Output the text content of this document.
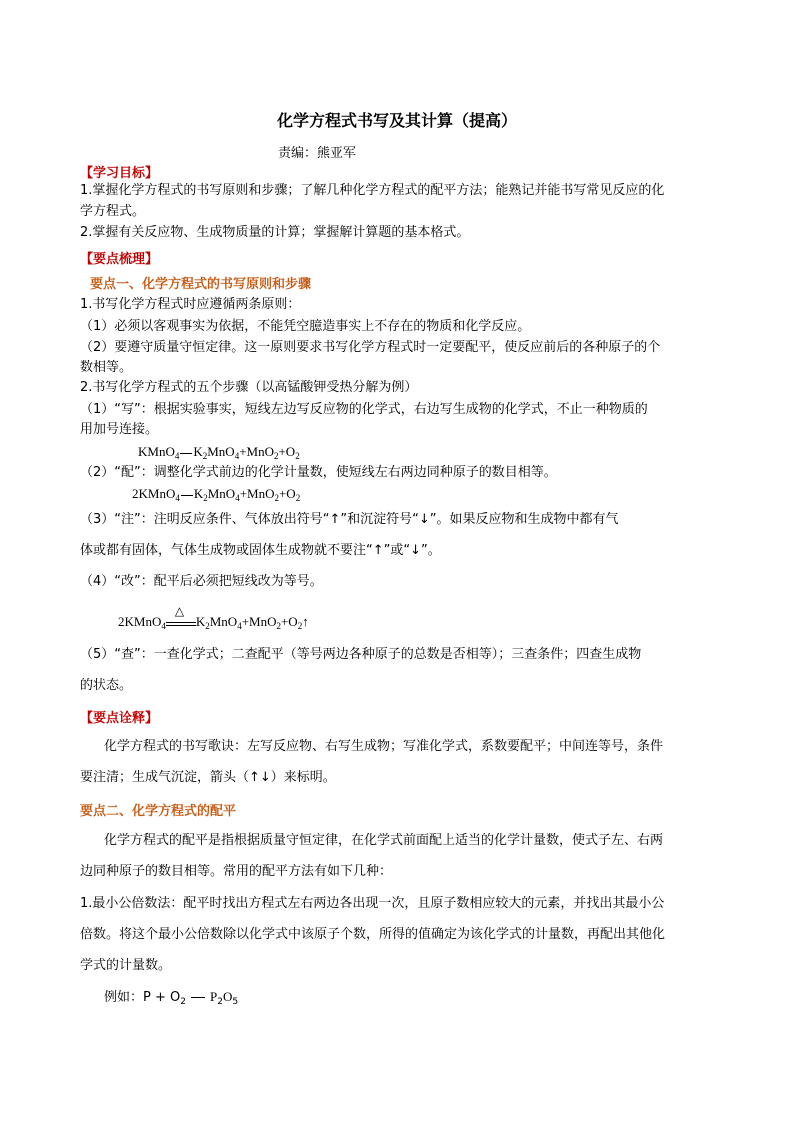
化学方程式书写及其计算（提高）
责编：熊亚军
【学习目标】
1.掌握化学方程式的书写原则和步骤；了解几种化学方程式的配平方法；能熟记并能书写常见反应的化
学方程式。
2.掌握有关反应物、生成物质量的计算；掌握解计算题的基本格式。
【要点梳理】
要点一、化学方程式的书写原则和步骤
1.书写化学方程式时应遵循两条原则：
（1）必须以客观事实为依据，不能凭空臆造事实上不存在的物质和化学反应。
（2）要遵守质量守恒定律。这一原则要求书写化学方程式时一定要配平，使反应前后的各种原子的个
数相等。
2.书写化学方程式的五个步骤（以高锰酸钾受热分解为例）
（1）“写”：根据实验事实，短线左边写反应物的化学式，右边写生成物的化学式，不止一种物质的
用加号连接。
KMnO$_4$ $K_2MnO_4+MnO_2+O_2$
（2）“配”：调整化学式前边的化学计量数，使短线左右两边同种原子的数目相等。
2KMnO$_4$ $K_2MnO_4+MnO_2+O_2$
（3）“注”：注明反应条件、气体放出符号“↑”和沉淀符号“↓”。如果反应物和生成物中都有气
体或都有固体，气体生成物或固体生成物就不要注“↑”或“↓”。
（4）“改”：配平后必须把短线改为等号。
2KMnO$_4$
△
$K_2MnO_4+MnO_2+O_2↑$
（5）“查”：一查化学式；二查配平（等号两边各种原子的总数是否相等）；三查条件；四查生成物
的状态。
【要点诠释】
化学方程式的书写歌诀：左写反应物、右写生成物；写准化学式，系数要配平；中间连等号，条件
要注清；生成气沉淀，箭头（↑↓）来标明。
要点二、化学方程式的配平
化学方程式的配平是指根据质量守恒定律，在化学式前面配上适当的化学计量数，使式子左、右两
边同种原子的数目相等。常用的配平方法有如下几种：
1.最小公倍数法：配平时找出方程式左右两边各出现一次，且原子数相应较大的元素，并找出其最小公
倍数。将这个最小公倍数除以化学式中该原子个数，所得的值确定为该化学式的计量数，再配出其他化
学式的计量数。
例如：$P + O_2$ $P_2O_5$
